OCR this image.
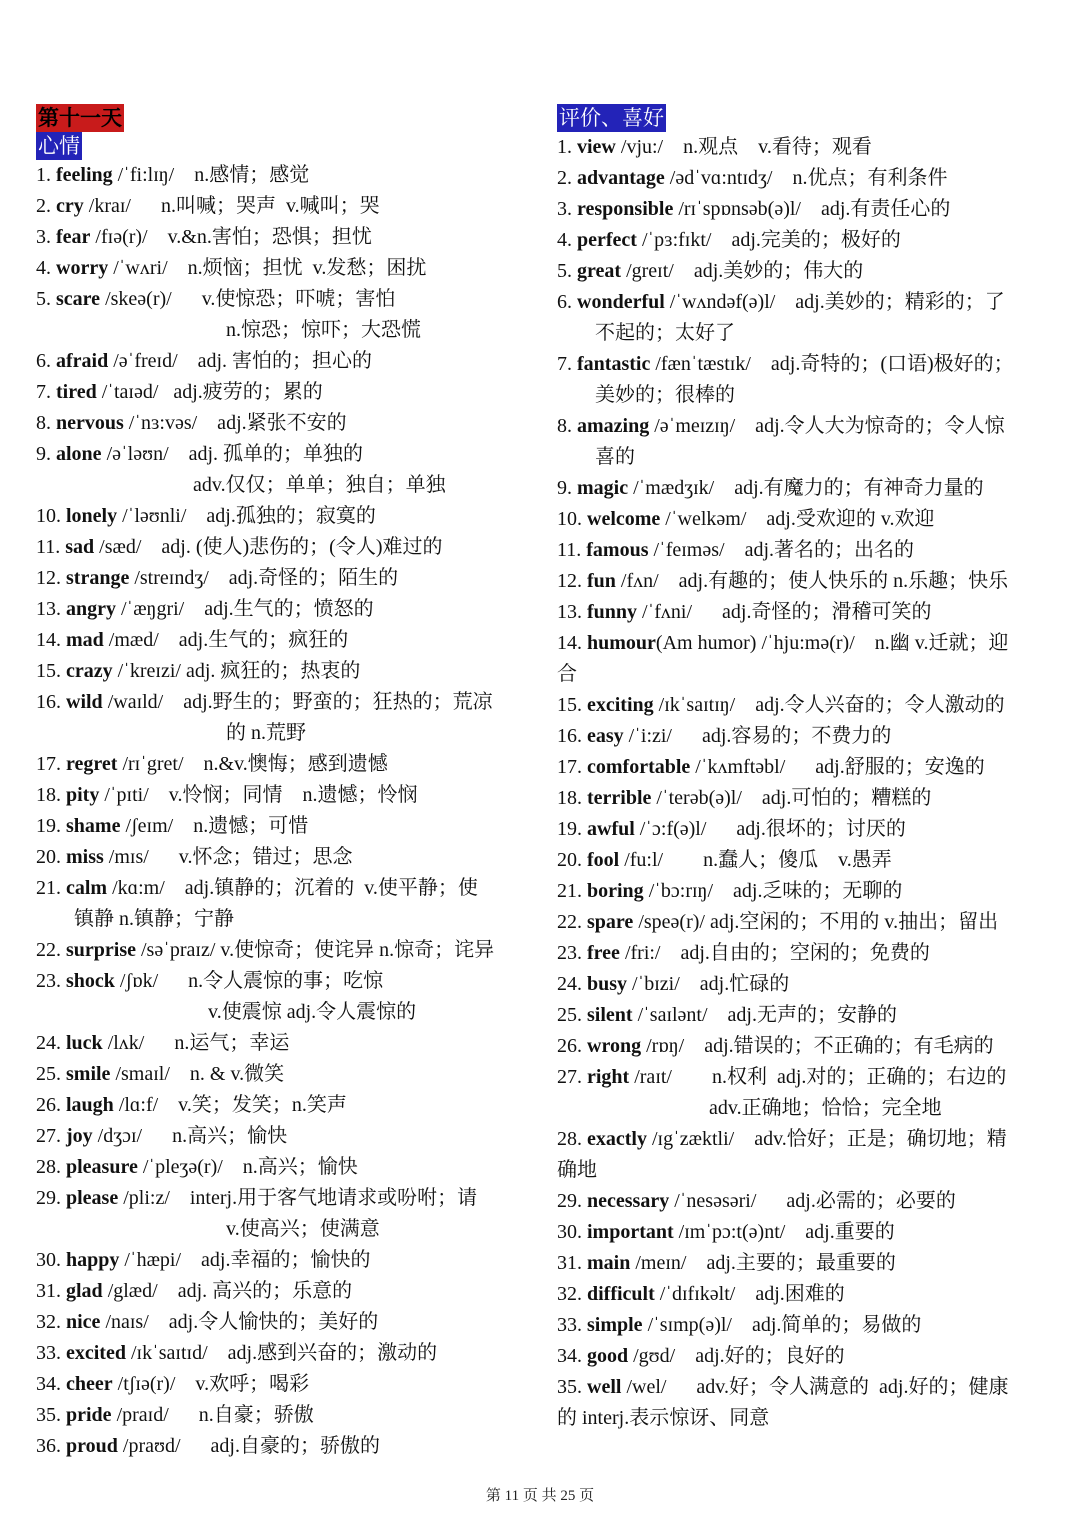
第十一天
心情
1. feeling /ˈfi:lɪŋ/    n.感情；感觉
2. cry /kraɪ/      n.叫喊；哭声  v.喊叫；哭
3. fear /fɪə(r)/    v.&n.害怕；恐惧；担忧
4. worry /ˈwʌri/    n.烦恼；担忧  v.发愁；困扰
5. scare /skeə(r)/      v.使惊恐；吓唬；害怕
n.惊恐；惊吓；大恐慌
6. afraid /əˈfreɪd/    adj. 害怕的；担心的
7. tired /ˈtaɪəd/   adj.疲劳的；累的
8. nervous /ˈnɜ:vəs/    adj.紧张不安的
9. alone /əˈləʊn/    adj. 孤单的；单独的
adv.仅仅；单单；独自；单独
10. lonely /ˈləʊnli/    adj.孤独的；寂寞的
11. sad /sæd/    adj. (使人)悲伤的；(令人)难过的
12. strange /streɪndʒ/    adj.奇怪的；陌生的
13. angry /ˈæŋgri/    adj.生气的；愤怒的
14. mad /mæd/    adj.生气的；疯狂的
15. crazy /ˈkreɪzi/ adj. 疯狂的；热衷的
16. wild /waɪld/    adj.野生的；野蛮的；狂热的；荒凉
的 n.荒野
17. regret /rɪˈgret/    n.&v.懊悔；感到遗憾
18. pity /ˈpɪti/    v.怜悯；同情    n.遗憾；怜悯
19. shame /ʃeɪm/    n.遗憾；可惜
20. miss /mɪs/      v.怀念；错过；思念
21. calm /kɑ:m/    adj.镇静的；沉着的  v.使平静；使
镇静 n.镇静；宁静
22. surprise /səˈpraɪz/ v.使惊奇；使诧异 n.惊奇；诧异
23. shock /ʃɒk/      n.令人震惊的事；吃惊
v.使震惊 adj.令人震惊的
24. luck /lʌk/      n.运气；幸运
25. smile /smaɪl/    n. & v.微笑
26. laugh /lɑ:f/    v.笑；发笑；n.笑声
27. joy /dʒɔɪ/      n.高兴；愉快
28. pleasure /ˈpleʒə(r)/    n.高兴；愉快
29. please /pli:z/    interj.用于客气地请求或吩咐；请
v.使高兴；使满意
30. happy /ˈhæpi/    adj.幸福的；愉快的
31. glad /glæd/    adj. 高兴的；乐意的
32. nice /naɪs/    adj.令人愉快的；美好的
33. excited /ɪkˈsaɪtɪd/    adj.感到兴奋的；激动的
34. cheer /tʃɪə(r)/    v.欢呼；喝彩
35. pride /praɪd/      n.自豪；骄傲
36. proud /praʊd/      adj.自豪的；骄傲的
评价、喜好
1. view /vju:/    n.观点    v.看待；观看
2. advantage /ədˈvɑ:ntɪdʒ/    n.优点；有利条件
3. responsible /rɪˈspɒnsəb(ə)l/    adj.有责任心的
4. perfect /ˈpɜ:fɪkt/    adj.完美的；极好的
5. great /greɪt/    adj.美妙的；伟大的
6. wonderful /ˈwʌndəf(ə)l/    adj.美妙的；精彩的；了
不起的；太好了
7. fantastic /fænˈtæstɪk/    adj.奇特的；(口语)极好的；
美妙的；很棒的
8. amazing /əˈmeɪzɪŋ/    adj.令人大为惊奇的；令人惊
喜的
9. magic /ˈmædʒɪk/    adj.有魔力的；有神奇力量的
10. welcome /ˈwelkəm/    adj.受欢迎的 v.欢迎
11. famous /ˈfeɪməs/    adj.著名的；出名的
12. fun /fʌn/    adj.有趣的；使人快乐的 n.乐趣；快乐
13. funny /ˈfʌni/      adj.奇怪的；滑稽可笑的
14. humour(Am humor) /ˈhju:mə(r)/    n.幽 v.迁就；迎
合
15. exciting /ɪkˈsaɪtɪŋ/    adj.令人兴奋的；令人激动的
16. easy /ˈi:zi/      adj.容易的；不费力的
17. comfortable /ˈkʌmftəbl/      adj.舒服的；安逸的
18. terrible /ˈterəb(ə)l/    adj.可怕的；糟糕的
19. awful /ˈɔ:f(ə)l/      adj.很坏的；讨厌的
20. fool /fu:l/        n.蠢人；傻瓜    v.愚弄
21. boring /ˈbɔ:rɪŋ/    adj.乏味的；无聊的
22. spare /speə(r)/ adj.空闲的；不用的 v.抽出；留出
23. free /fri:/    adj.自由的；空闲的；免费的
24. busy /ˈbɪzi/    adj.忙碌的
25. silent /ˈsaɪlənt/    adj.无声的；安静的
26. wrong /rɒŋ/    adj.错误的；不正确的；有毛病的
27. right /raɪt/        n.权利  adj.对的；正确的；右边的
adv.正确地；恰恰；完全地
28. exactly /ɪgˈzæktli/    adv.恰好；正是；确切地；精
确地
29. necessary /ˈnesəsəri/      adj.必需的；必要的
30. important /ɪmˈpɔ:t(ə)nt/    adj.重要的
31. main /meɪn/    adj.主要的；最重要的
32. difficult /ˈdɪfɪkəlt/    adj.困难的
33. simple /ˈsɪmp(ə)l/    adj.简单的；易做的
34. good /gʊd/    adj.好的；良好的
35. well /wel/      adv.好；令人满意的  adj.好的；健康
的 interj.表示惊讶、同意
第 11 页 共 25 页
